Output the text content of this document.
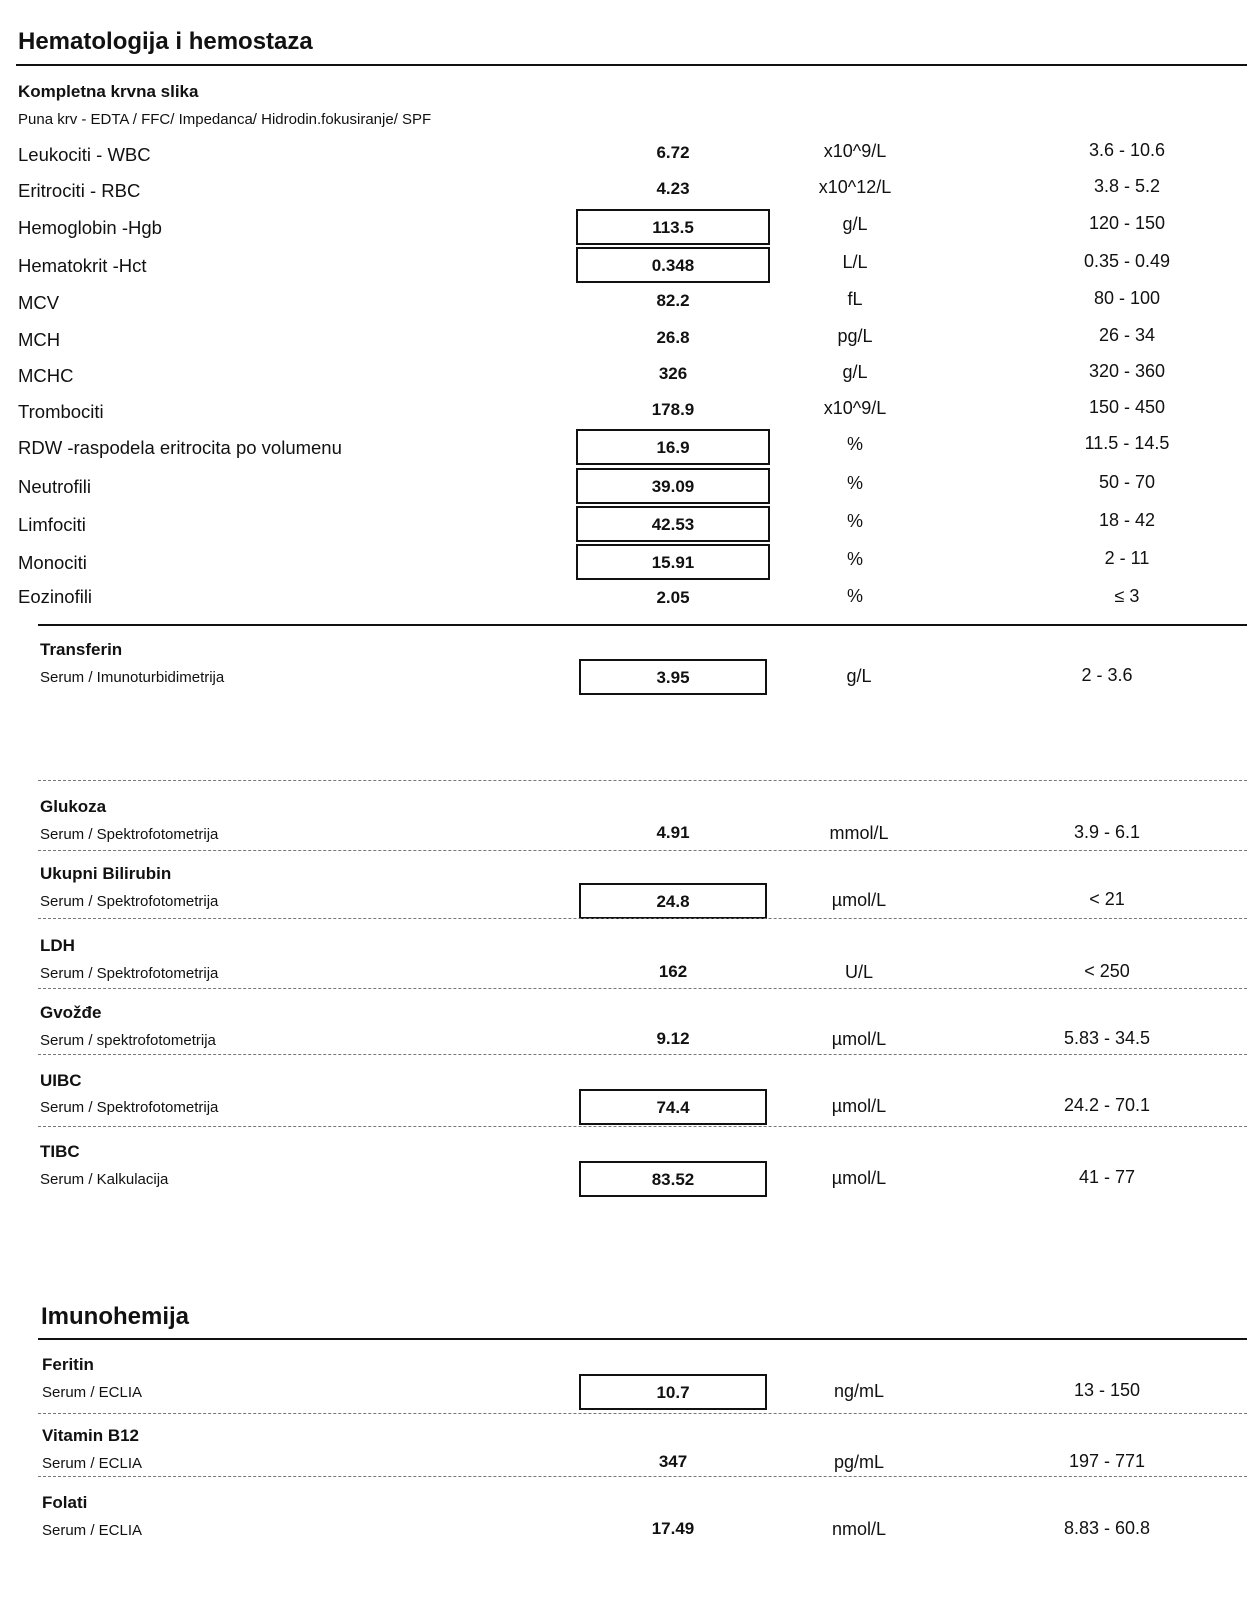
Hematologija i hemostaza
Kompletna krvna slika
Puna krv - EDTA / FFC/ Impedanca/ Hidrodin.fokusiranje/ SPF
Leukociti - WBC	6.72	x10^9/L	3.6 - 10.6
Eritrociti - RBC	4.23	x10^12/L	3.8 - 5.2
Hemoglobin -Hgb	113.5	g/L	120 - 150
Hematokrit -Hct	0.348	L/L	0.35 - 0.49
MCV	82.2	fL	80 - 100
MCH	26.8	pg/L	26 - 34
MCHC	326	g/L	320 - 360
Trombociti	178.9	x10^9/L	150 - 450
RDW -raspodela eritrocita po volumenu	16.9	%	11.5 - 14.5
Neutrofili	39.09	%	50 - 70
Limfociti	42.53	%	18 - 42
Monociti	15.91	%	2 - 11
Eozinofili	2.05	%	≤ 3
Transferin
Serum / Imunoturbidimetrija	3.95	g/L	2 - 3.6
Glukoza
Serum / Spektrofotometrija	4.91	mmol/L	3.9 - 6.1
Ukupni Bilirubin
Serum / Spektrofotometrija	24.8	µmol/L	< 21
LDH
Serum / Spektrofotometrija	162	U/L	< 250
Gvožđe
Serum / spektrofotometrija	9.12	µmol/L	5.83 - 34.5
UIBC
Serum / Spektrofotometrija	74.4	µmol/L	24.2 - 70.1
TIBC
Serum / Kalkulacija	83.52	µmol/L	41 - 77
Imunohemija
Feritin
Serum / ECLIA	10.7	ng/mL	13 - 150
Vitamin B12
Serum / ECLIA	347	pg/mL	197 - 771
Folati
Serum / ECLIA	17.49	nmol/L	8.83 - 60.8
